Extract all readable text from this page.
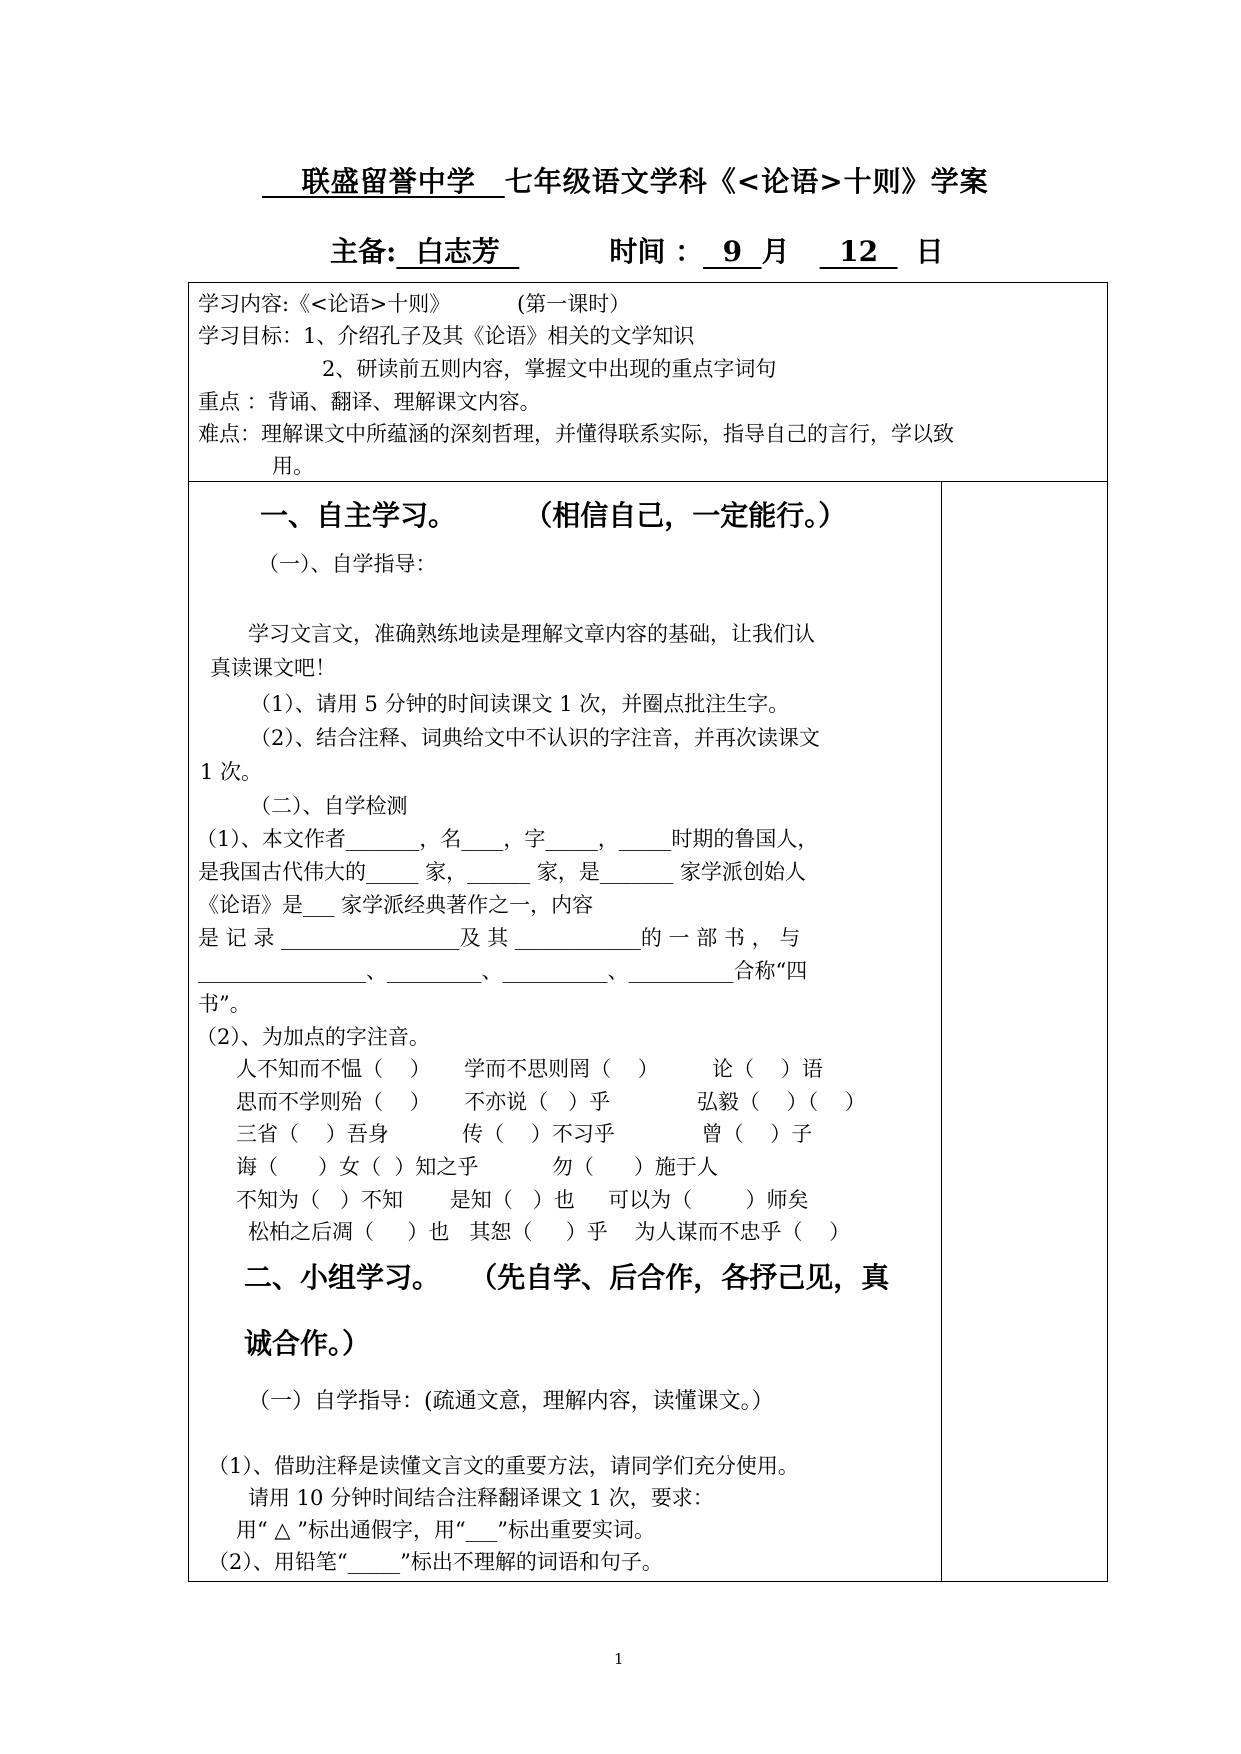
　 联盛留誉中学　七年级语文学科《<论语>十则》学案
主备:  白志芳	时间 ：  9  月  12  日
学习内容:《<论语>十则》          (第一课时）
学习目标：1、介绍孔子及其《论语》相关的文学知识
2、研读前五则内容，掌握文中出现的重点字词句
重点 ：背诵、翻译、理解课文内容。
难点：理解课文中所蕴涵的深刻哲理，并懂得联系实际，指导自己的言行，学以致
用。
一、自主学习。       （相信自己，一定能行。）
（一）、自学指导：
学习文言文，准确熟练地读是理解文章内容的基础，让我们认
真读课文吧！
（1）、请用 5 分钟的时间读课文 1 次，并圈点批注生字。
（2）、结合注释、词典给文中不认识的字注音，并再次读课文
1 次。
（二）、自学检测
（1）、本文作者_______，名____，字_____，_____时期的鲁国人，
是我国古代伟大的_____ 家，______ 家，是_______ 家学派创始人
《论语》是___ 家学派经典著作之一，内容
是 记 录 _________________及 其 ____________的 一 部 书 ， 与
________________、_________、__________、__________合称“四
书”。
（2）、为加点的字注音。
人不知而不愠（    ）     学而不思则罔（    ）        论（    ）语
思而不学则殆（    ）     不亦说（   ）乎             弘毅（    ）（    ）
三省（    ）吾身           传（    ）不习乎             曾（    ）子
诲（      ）女（  ）知之乎           勿（      ）施于人
不知为（   ）不知       是知（   ）也     可以为（        ）师矣
松柏之后凋（     ）也   其恕（     ）乎    为人谋而不忠乎（    ）
二、小组学习。   （先自学、后合作，各抒己见，真
诚合作。）
（一）自学指导：(疏通文意，理解内容，读懂课文。）
（1）、借助注释是读懂文言文的重要方法，请同学们充分使用。
请用 10 分钟时间结合注释翻译课文 1 次，要求：
用“ △ ”标出通假字，用“___”标出重要实词。
（2）、用铅笔“_____”标出不理解的词语和句子。
1
